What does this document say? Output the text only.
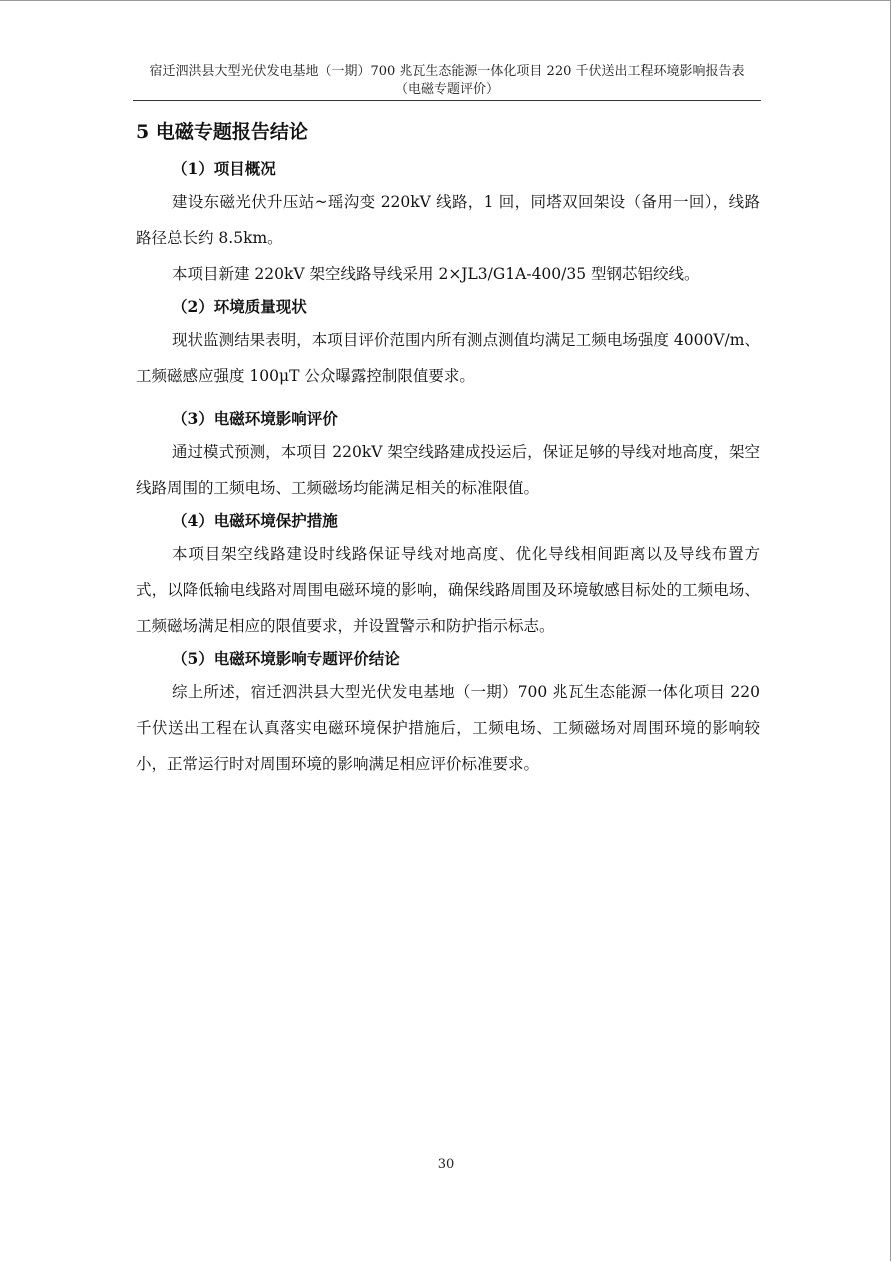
宿迁泗洪县大型光伏发电基地（一期）700 兆瓦生态能源一体化项目 220 千伏送出工程环境影响报告表
（电磁专题评价）
5 电磁专题报告结论

（1）项目概况

建设东磁光伏升压站~瑶沟变 220kV 线路，1 回，同塔双回架设（备用一回），线路路径总长约 8.5km。

本项目新建 220kV 架空线路导线采用 2×JL3/G1A-400/35 型钢芯铝绞线。

（2）环境质量现状

现状监测结果表明，本项目评价范围内所有测点测值均满足工频电场强度 4000V/m、工频磁感应强度 100μT 公众曝露控制限值要求。

（3）电磁环境影响评价

通过模式预测，本项目 220kV 架空线路建成投运后，保证足够的导线对地高度，架空线路周围的工频电场、工频磁场均能满足相关的标准限值。

（4）电磁环境保护措施

本项目架空线路建设时线路保证导线对地高度、优化导线相间距离以及导线布置方式，以降低输电线路对周围电磁环境的影响，确保线路周围及环境敏感目标处的工频电场、工频磁场满足相应的限值要求，并设置警示和防护指示标志。

（5）电磁环境影响专题评价结论

综上所述，宿迁泗洪县大型光伏发电基地（一期）700 兆瓦生态能源一体化项目 220 千伏送出工程在认真落实电磁环境保护措施后，工频电场、工频磁场对周围环境的影响较小，正常运行时对周围环境的影响满足相应评价标准要求。

30
